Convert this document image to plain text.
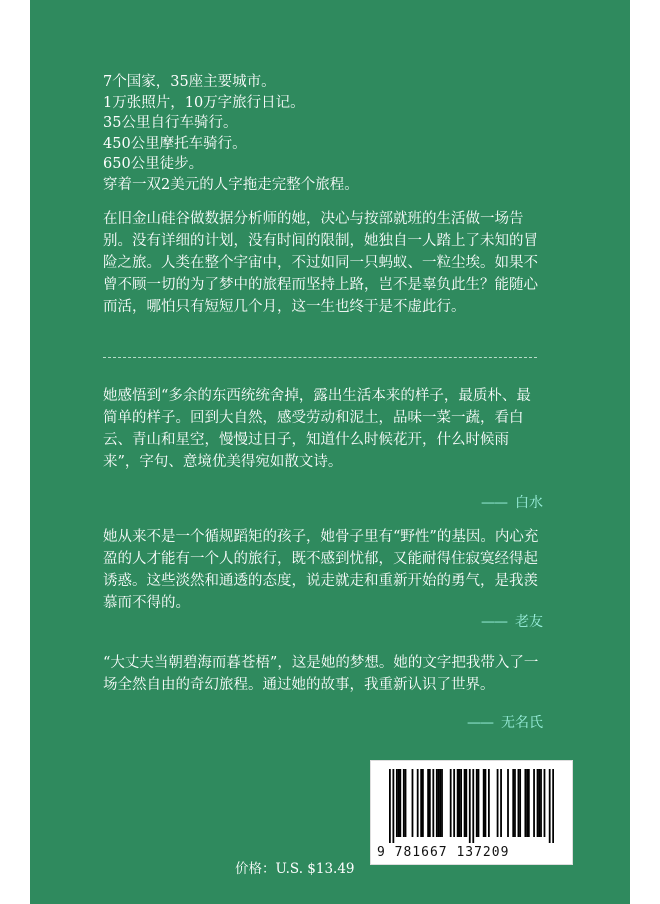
7个国家，35座主要城市。
1万张照片，10万字旅行日记。
35公里自行车骑行。
450公里摩托车骑行。
650公里徒步。
穿着一双2美元的人字拖走完整个旅程。

在旧金山硅谷做数据分析师的她，决心与按部就班的生活做一场告别。没有详细的计划，没有时间的限制，她独自一人踏上了未知的冒险之旅。人类在整个宇宙中，不过如同一只蚂蚁、一粒尘埃。如果不曾不顾一切的为了梦中的旅程而坚持上路，岂不是辜负此生？能随心而活，哪怕只有短短几个月，这一生也终于是不虚此行。

她感悟到“多余的东西统统舍掉，露出生活本来的样子，最质朴、最简单的样子。回到大自然，感受劳动和泥土，品味一菜一蔬，看白云、青山和星空，慢慢过日子，知道什么时候花开，什么时候雨来”，字句、意境优美得宛如散文诗。

—— 白水

她从来不是一个循规蹈矩的孩子，她骨子里有“野性”的基因。内心充盈的人才能有一个人的旅行，既不感到忧郁，又能耐得住寂寞经得起诱惑。这些淡然和通透的态度，说走就走和重新开始的勇气，是我羡慕而不得的。

—— 老友

“大丈夫当朝碧海而暮苍梧”，这是她的梦想。她的文字把我带入了一场全然自由的奇幻旅程。通过她的故事，我重新认识了世界。

—— 无名氏
9 781667 137209
价格：U.S. $13.49
